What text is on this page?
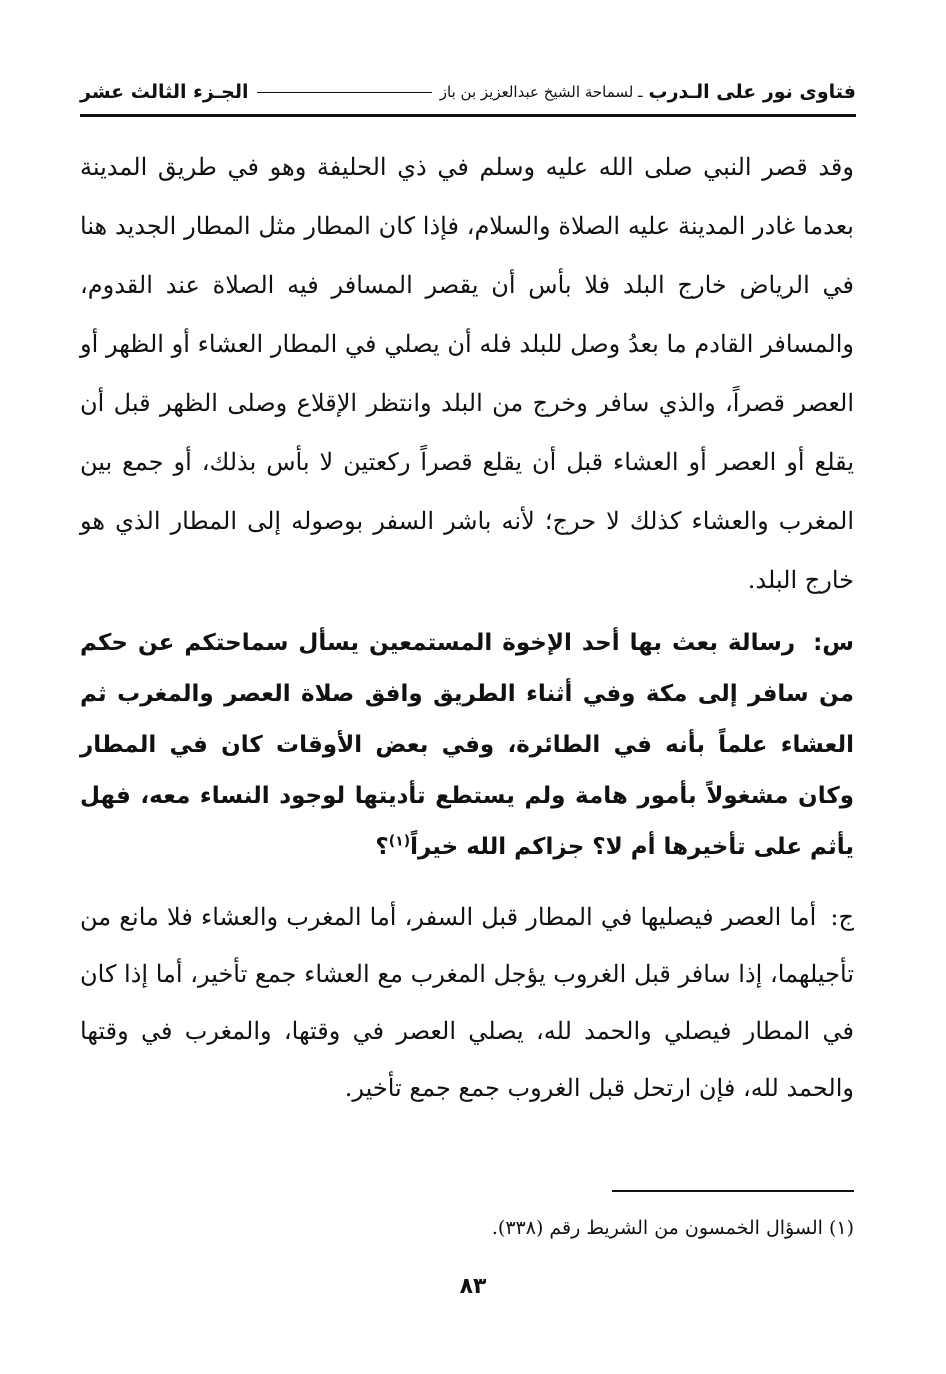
فتاوى نور على الـدرب
ـ لسماحة الشيخ عبدالعزيز بن باز
الجـزء الثالث عشر

وقد قصر النبي صلى الله عليه وسلم في ذي الحليفة وهو في طريق المدينة بعدما غادر المدينة عليه الصلاة والسلام، فإذا كان المطار مثل المطار الجديد هنا في الرياض خارج البلد فلا بأس أن يقصر المسافر فيه الصلاة عند القدوم، والمسافر القادم ما بعدُ وصل للبلد فله أن يصلي في المطار العشاء أو الظهر أو العصر قصراً، والذي سافر وخرج من البلد وانتظر الإقلاع وصلى الظهر قبل أن يقلع أو العصر أو العشاء قبل أن يقلع قصراً ركعتين لا بأس بذلك، أو جمع بين المغرب والعشاء كذلك لا حرج؛ لأنه باشر السفر بوصوله إلى المطار الذي هو خارج البلد.

س: رسالة بعث بها أحد الإخوة المستمعين يسأل سماحتكم عن حكم من سافر إلى مكة وفي أثناء الطريق وافق صلاة العصر والمغرب ثم العشاء علماً بأنه في الطائرة، وفي بعض الأوقات كان في المطار وكان مشغولاً بأمور هامة ولم يستطع تأديتها لوجود النساء معه، فهل يأثم على تأخيرها أم لا؟ جزاكم الله خيراً$^{(١)}$؟

ج: أما العصر فيصليها في المطار قبل السفر، أما المغرب والعشاء فلا مانع من تأجيلهما، إذا سافر قبل الغروب يؤجل المغرب مع العشاء جمع تأخير، أما إذا كان في المطار فيصلي والحمد لله، يصلي العصر في وقتها، والمغرب في وقتها والحمد لله، فإن ارتحل قبل الغروب جمع جمع تأخير.

(١) السؤال الخمسون من الشريط رقم (٣٣٨).
٨٣
